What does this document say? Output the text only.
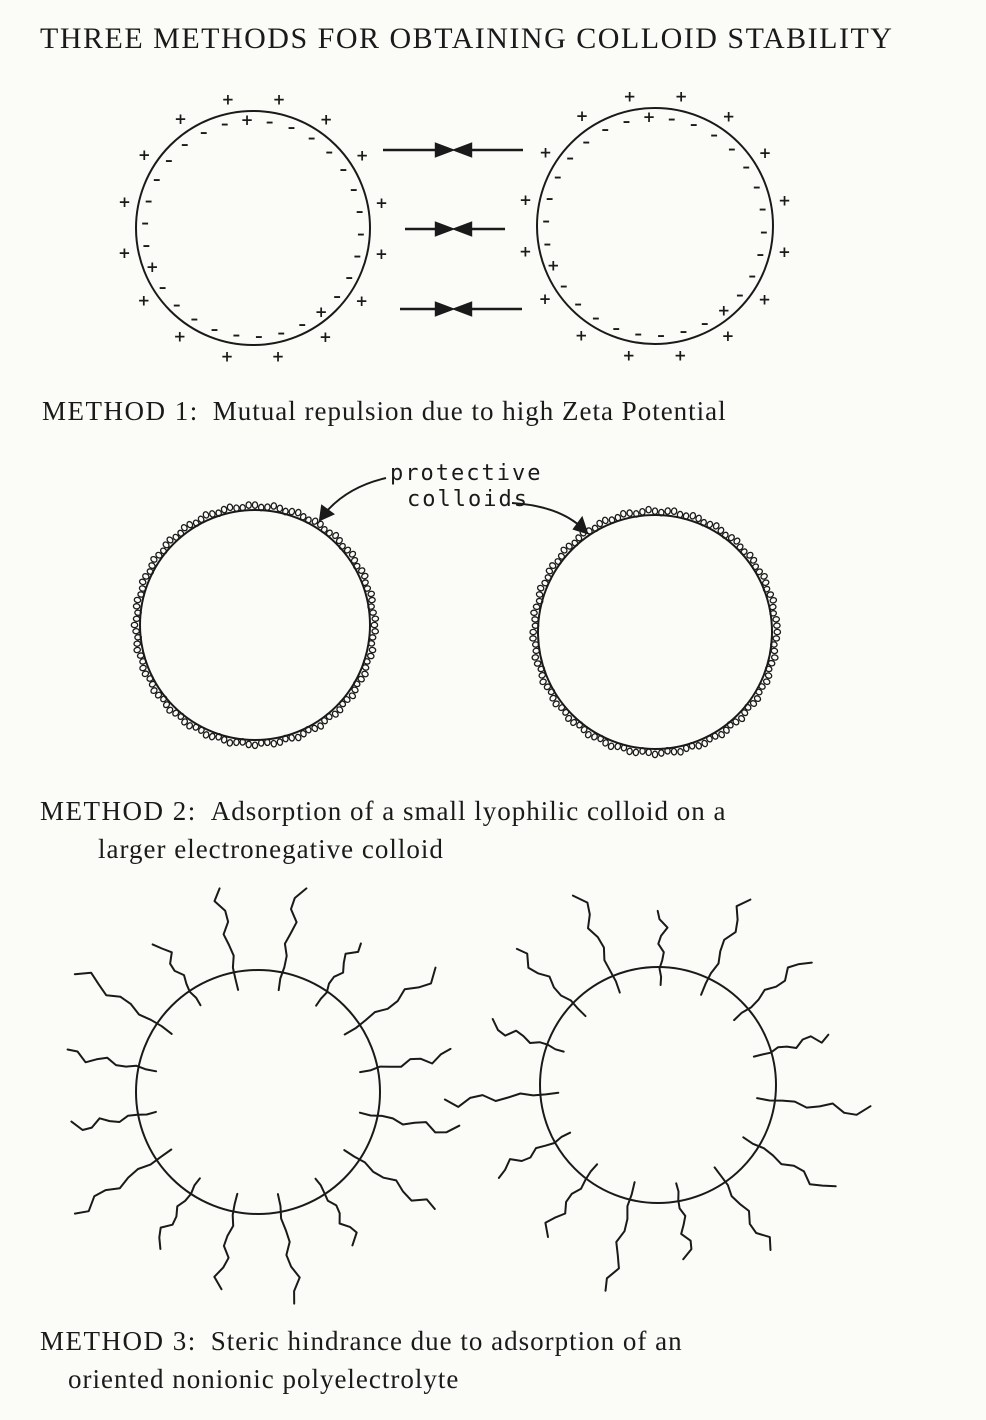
THREE METHODS FOR OBTAINING COLLOID STABILITY
–
–
–
–
+
–
–
–
–
–
–
–
–
+
–
–
–
–
–
–
– – + – –
–
–
–
–
–
+
+
+
+
+
+
+
+
+
+
+
+	+
+
+
+
–
–
–
–
+
–
–
–
–
–
–
–
–
+
–
–
–
–
–
–
– – + – –
–
–
–
–
–
+
+
+
+
+
+
+
+
+
+
+
+	+
+
+
+
METHOD 1: Mutual repulsion due to high Zeta Potential
protective
colloids
METHOD 2: Adsorption of a small lyophilic colloid on a
larger electronegative colloid
METHOD 3: Steric hindrance due to adsorption of an
oriented nonionic polyelectrolyte
